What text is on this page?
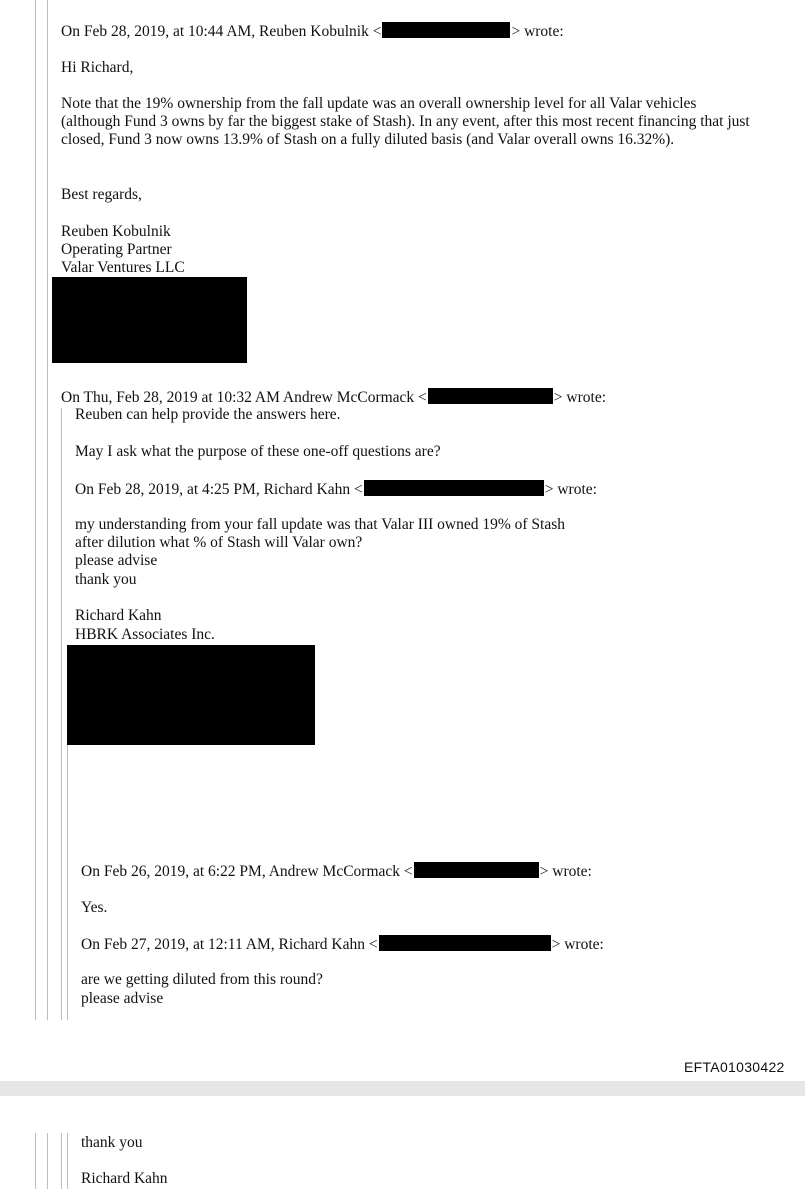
On Feb 28, 2019, at 10:44 AM, Reuben Kobulnik <	> wrote:
Hi Richard,
Note that the 19% ownership from the fall update was an overall ownership level for all Valar vehicles (although Fund 3 owns by far the biggest stake of Stash). In any event, after this most recent financing that just closed, Fund 3 now owns 13.9% of Stash on a fully diluted basis (and Valar overall owns 16.32%).
Best regards,
Reuben Kobulnik
Operating Partner
Valar Ventures LLC
On Thu, Feb 28, 2019 at 10:32 AM Andrew McCormack <	> wrote:
Reuben can help provide the answers here.
May I ask what the purpose of these one-off questions are?
On Feb 28, 2019, at 4:25 PM, Richard Kahn <	> wrote:
my understanding from your fall update was that Valar III owned 19% of Stash
after dilution what % of Stash will Valar own?
please advise
thank you
Richard Kahn
HBRK Associates Inc.
On Feb 26, 2019, at 6:22 PM, Andrew McCormack <	> wrote:
Yes.
On Feb 27, 2019, at 12:11 AM, Richard Kahn <	> wrote:
are we getting diluted from this round?
please advise
EFTA01030422
thank you
Richard Kahn
